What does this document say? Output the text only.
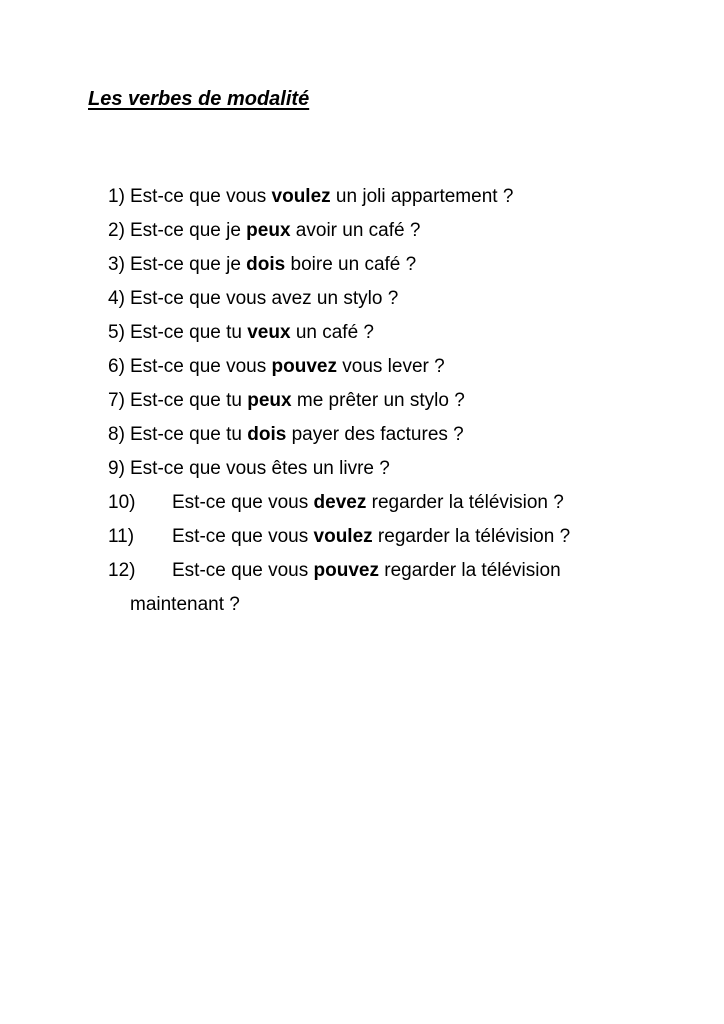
Les verbes de modalité
1) Est-ce que vous voulez un joli appartement ?
2) Est-ce que je peux avoir un café ?
3) Est-ce que je dois boire un café ?
4) Est-ce que vous avez un stylo ?
5) Est-ce que tu veux un café ?
6) Est-ce que vous pouvez vous lever ?
7) Est-ce que tu peux me prêter un stylo ?
8) Est-ce que tu dois payer des factures ?
9) Est-ce que vous êtes un livre ?
10) Est-ce que vous devez regarder la télévision ?
11) Est-ce que vous voulez regarder la télévision ?
12) Est-ce que vous pouvez regarder la télévision
maintenant ?
